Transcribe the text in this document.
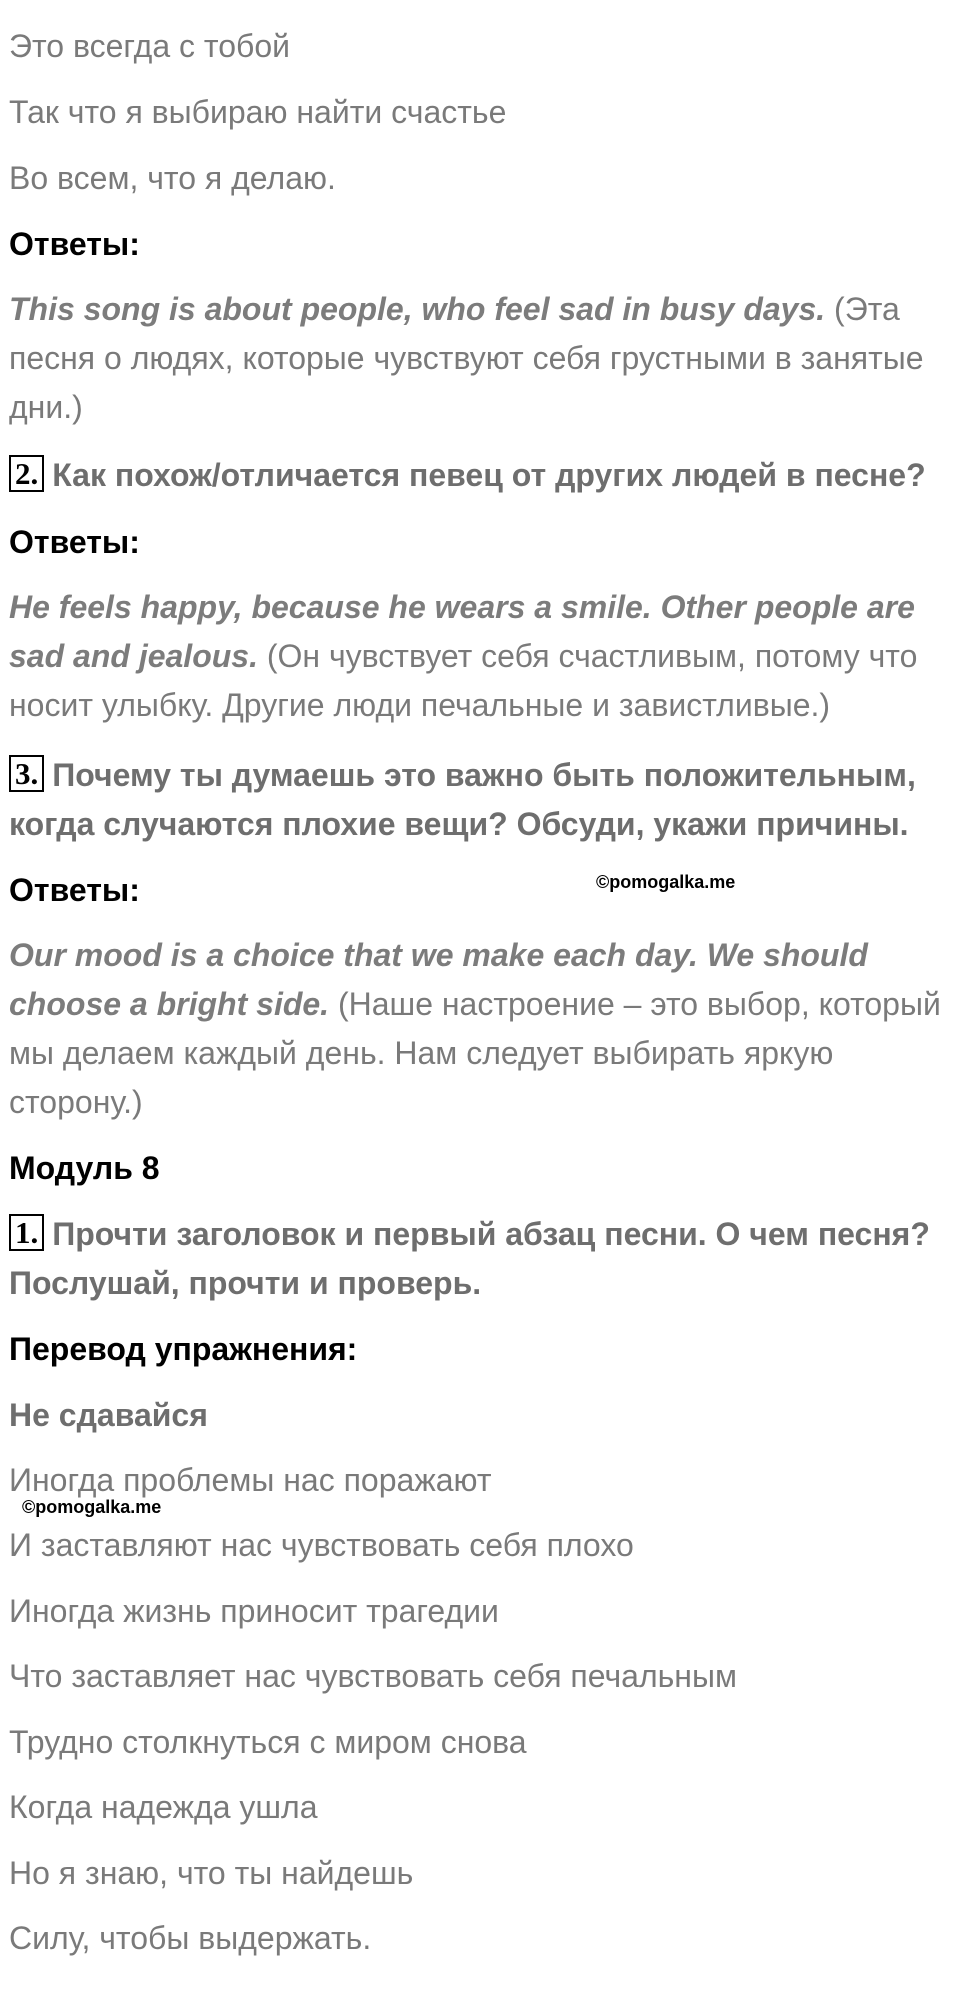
Это всегда с тобой
Так что я выбираю найти счастье
Во всем, что я делаю.
Ответы:
This song is about people, who feel sad in busy days. (Эта песня о людях, которые чувствуют себя грустными в занятые дни.)
2. Как похож/отличается певец от других людей в песне?
Ответы:
He feels happy, because he wears a smile. Other people are sad and jealous. (Он чувствует себя счастливым, потому что носит улыбку. Другие люди печальные и завистливые.)
3. Почему ты думаешь это важно быть положительным, когда случаются плохие вещи? Обсуди, укажи причины.
Ответы:	©pomogalka.me
Our mood is a choice that we make each day. We should choose a bright side. (Наше настроение – это выбор, который мы делаем каждый день. Нам следует выбирать яркую сторону.)
Модуль 8
1. Прочти заголовок и первый абзац песни. О чем песня? Послушай, прочти и проверь.
Перевод упражнения:
Не сдавайся
Иногда проблемы нас поражают
©pomogalka.me
И заставляют нас чувствовать себя плохо
Иногда жизнь приносит трагедии
Что заставляет нас чувствовать себя печальным
Трудно столкнуться с миром снова
Когда надежда ушла
Но я знаю, что ты найдешь
Силу, чтобы выдержать.
